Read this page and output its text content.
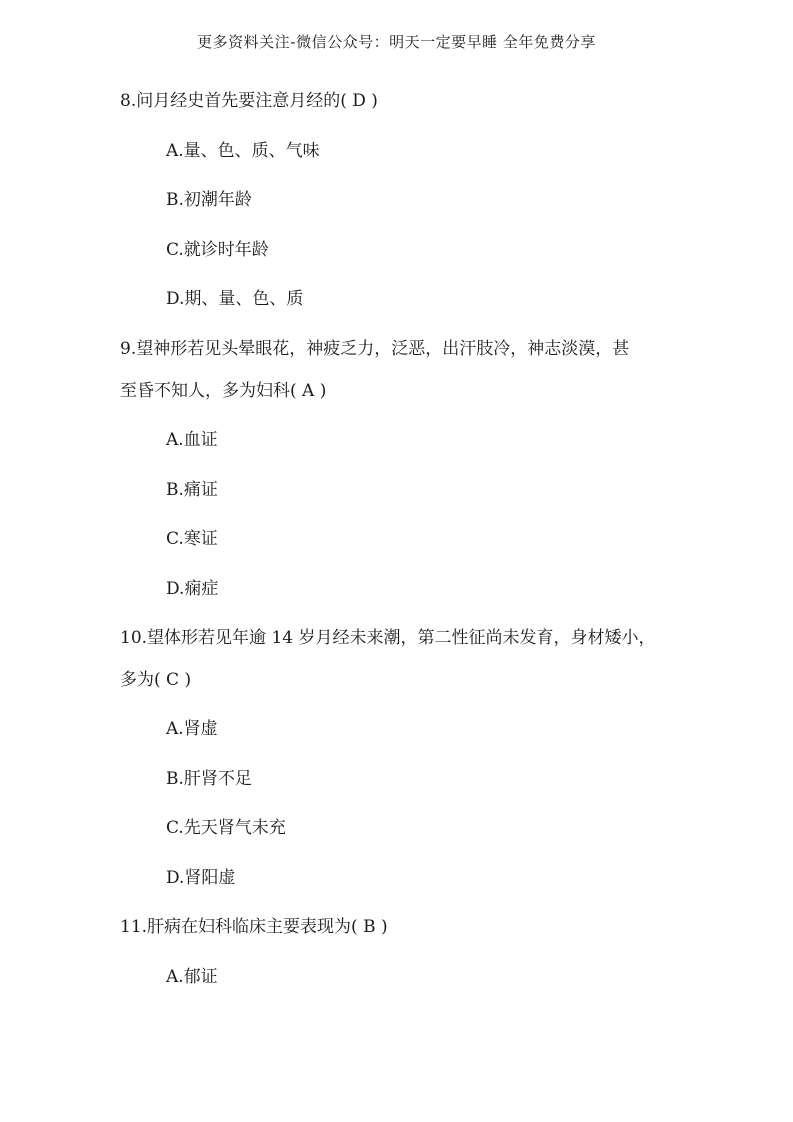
更多资料关注-微信公众号：明天一定要早睡 全年免费分享
8.问月经史首先要注意月经的( D )
A.量、色、质、气味
B.初潮年龄
C.就诊时年龄
D.期、量、色、质
9.望神形若见头晕眼花，神疲乏力，泛恶，出汗肢冷，神志淡漠，甚
至昏不知人，多为妇科( A )
A.血证
B.痛证
C.寒证
D.痫症
10.望体形若见年逾 14 岁月经未来潮，第二性征尚未发育，身材矮小，
多为( C )
A.肾虚
B.肝肾不足
C.先天肾气未充
D.肾阳虚
11.肝病在妇科临床主要表现为( B )
A.郁证
